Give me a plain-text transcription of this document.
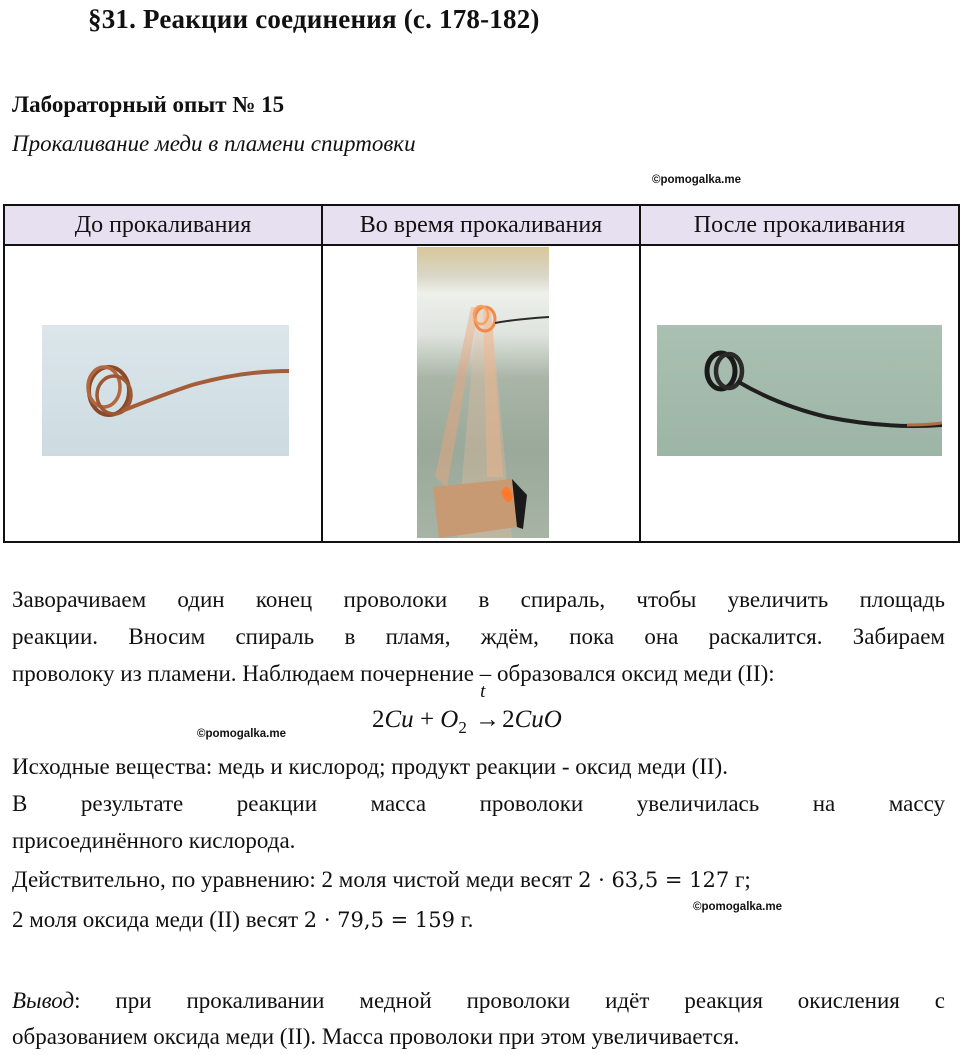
§31. Реакции соединения (с. 178-182)
Лабораторный опыт № 15
Прокаливание меди в пламени спиртовки
©pomogalka.me
До прокаливания	Во время прокаливания	После прокаливания

Заворачиваем один конец проволоки в спираль, чтобы увеличить площадь
реакции. Вносим спираль в пламя, ждём, пока она раскалится. Забираем
проволоку из пламени. Наблюдаем почернение – образовался оксид меди (II):
©pomogalka.me
$2Cu + O_2$
t
→2CuO
Исходные вещества: медь и кислород; продукт реакции - оксид меди (II).
В результате реакции масса проволоки увеличилась на массу
присоединённого кислорода.
Действительно, по уравнению: 2 моля чистой меди весят 2 · 63,5 = 127 г;
©pomogalka.me
2 моля оксида меди (II) весят 2 · 79,5 = 159 г.
Вывод: при прокаливании медной проволоки идёт реакция окисления с
образованием оксида меди (II). Масса проволоки при этом увеличивается.
